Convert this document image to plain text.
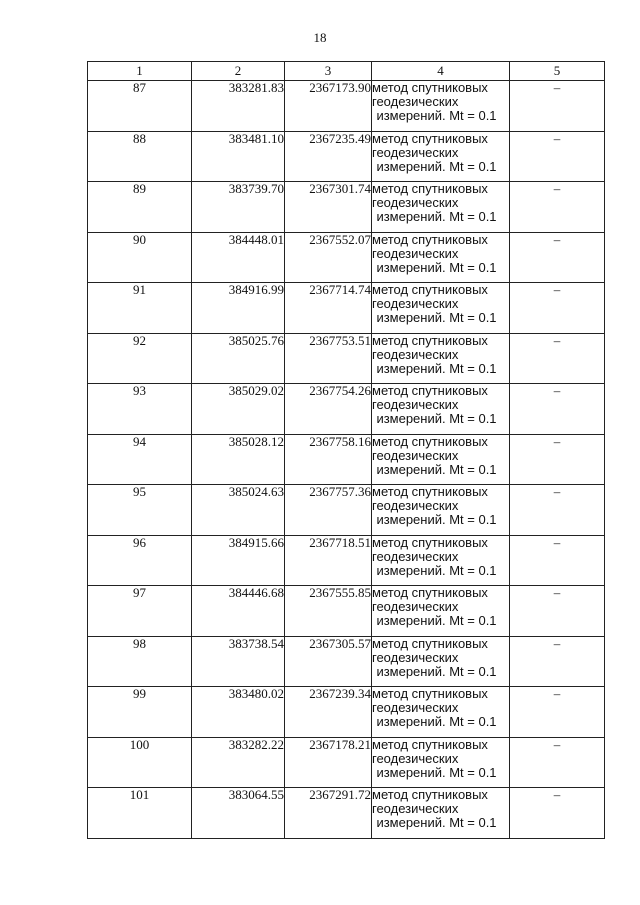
18
1	2	3	4	5
87	383281.83	2367173.90	метод спутниковых
геодезических
измерений. Mt = 0.1	–
88	383481.10	2367235.49	метод спутниковых
геодезических
измерений. Mt = 0.1	–
89	383739.70	2367301.74	метод спутниковых
геодезических
измерений. Mt = 0.1	–
90	384448.01	2367552.07	метод спутниковых
геодезических
измерений. Mt = 0.1	–
91	384916.99	2367714.74	метод спутниковых
геодезических
измерений. Mt = 0.1	–
92	385025.76	2367753.51	метод спутниковых
геодезических
измерений. Mt = 0.1	–
93	385029.02	2367754.26	метод спутниковых
геодезических
измерений. Mt = 0.1	–
94	385028.12	2367758.16	метод спутниковых
геодезических
измерений. Mt = 0.1	–
95	385024.63	2367757.36	метод спутниковых
геодезических
измерений. Mt = 0.1	–
96	384915.66	2367718.51	метод спутниковых
геодезических
измерений. Mt = 0.1	–
97	384446.68	2367555.85	метод спутниковых
геодезических
измерений. Mt = 0.1	–
98	383738.54	2367305.57	метод спутниковых
геодезических
измерений. Mt = 0.1	–
99	383480.02	2367239.34	метод спутниковых
геодезических
измерений. Mt = 0.1	–
100	383282.22	2367178.21	метод спутниковых
геодезических
измерений. Mt = 0.1	–
101	383064.55	2367291.72	метод спутниковых
геодезических
измерений. Mt = 0.1	–
